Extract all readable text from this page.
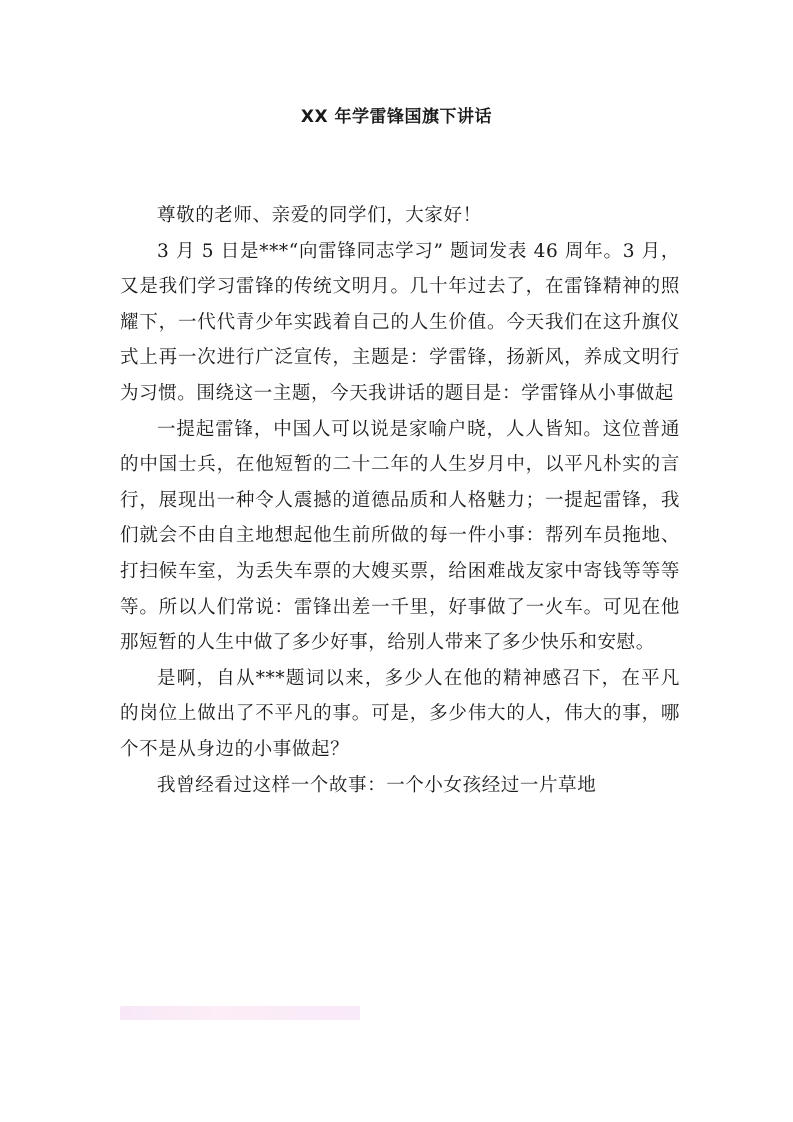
XX 年学雷锋国旗下讲话

尊敬的老师、亲爱的同学们，大家好！

3 月 5 日是***“向雷锋同志学习” 题词发表 46 周年。3 月，又是我们学习雷锋的传统文明月。几十年过去了，在雷锋精神的照耀下，一代代青少年实践着自己的人生价值。今天我们在这升旗仪式上再一次进行广泛宣传，主题是：学雷锋，扬新风，养成文明行为习惯。围绕这一主题，今天我讲话的题目是：学雷锋从小事做起

一提起雷锋，中国人可以说是家喻户晓，人人皆知。这位普通的中国士兵，在他短暂的二十二年的人生岁月中，以平凡朴实的言行，展现出一种令人震撼的道德品质和人格魅力；一提起雷锋，我们就会不由自主地想起他生前所做的每一件小事：帮列车员拖地、打扫候车室，为丢失车票的大嫂买票，给困难战友家中寄钱等等等等。所以人们常说：雷锋出差一千里，好事做了一火车。可见在他那短暂的人生中做了多少好事，给别人带来了多少快乐和安慰。

是啊，自从***题词以来，多少人在他的精神感召下，在平凡的岗位上做出了不平凡的事。可是，多少伟大的人，伟大的事，哪个不是从身边的小事做起？

我曾经看过这样一个故事：一个小女孩经过一片草地
